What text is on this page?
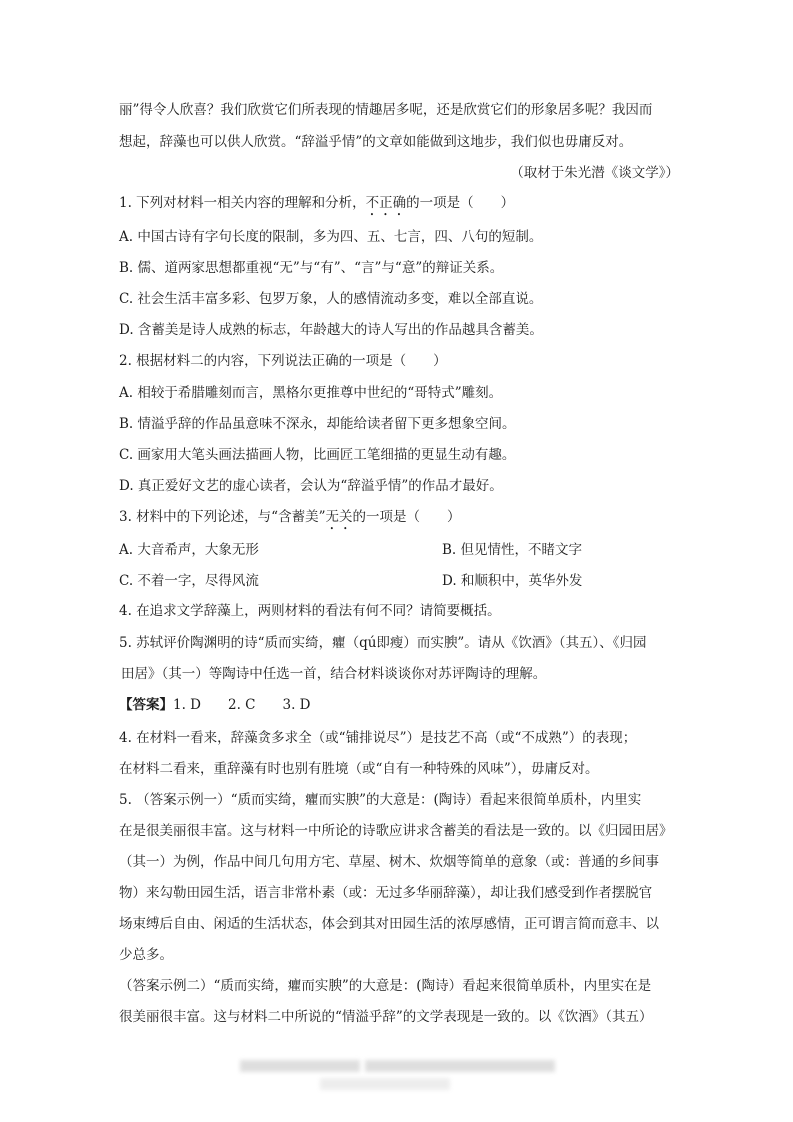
丽”得令人欣喜？我们欣赏它们所表现的情趣居多呢，还是欣赏它们的形象居多呢？我因而
想起，辞藻也可以供人欣赏。“辞溢乎情”的文章如能做到这地步，我们似也毋庸反对。
（取材于朱光潜《谈文学》）
1. 下列对材料一相关内容的理解和分析，不正确的一项是（　　）
A. 中国古诗有字句长度的限制，多为四、五、七言，四、八句的短制。
B. 儒、道两家思想都重视“无”与“有”、“言”与“意”的辩证关系。
C. 社会生活丰富多彩、包罗万象，人的感情流动多变，难以全部直说。
D. 含蓄美是诗人成熟的标志，年龄越大的诗人写出的作品越具含蓄美。
2. 根据材料二的内容，下列说法正确的一项是（　　）
A. 相较于希腊雕刻而言，黑格尔更推尊中世纪的“哥特式”雕刻。
B. 情溢乎辞的作品虽意味不深永，却能给读者留下更多想象空间。
C. 画家用大笔头画法描画人物，比画匠工笔细描的更显生动有趣。
D. 真正爱好文艺的虚心读者，会认为“辞溢乎情”的作品才最好。
3. 材料中的下列论述，与“含蓄美”无关的一项是（　　）
A. 大音希声，大象无形	B. 但见情性，不睹文字
C. 不着一字，尽得风流	D. 和顺积中，英华外发
4. 在追求文学辞藻上，两则材料的看法有何不同？请简要概括。
5. 苏轼评价陶渊明的诗“质而实绮，癯（qú即瘦）而实腴”。请从《饮酒》（其五）、《归园
田居》（其一）等陶诗中任选一首，结合材料谈谈你对苏评陶诗的理解。
【答案】1. D　　2. C　　3. D
4. 在材料一看来，辞藻贪多求全（或“铺排说尽”）是技艺不高（或“不成熟”）的表现；
在材料二看来，重辞藻有时也别有胜境（或“自有一种特殊的风味”），毋庸反对。
5. （答案示例一）“质而实绮，癯而实腴”的大意是：(陶诗）看起来很简单质朴，内里实
在是很美丽很丰富。这与材料一中所论的诗歌应讲求含蓄美的看法是一致的。以《归园田居》
（其一）为例，作品中间几句用方宅、草屋、树木、炊烟等简单的意象（或：普通的乡间事
物）来勾勒田园生活，语言非常朴素（或：无过多华丽辞藻），却让我们感受到作者摆脱官
场束缚后自由、闲适的生活状态，体会到其对田园生活的浓厚感情，正可谓言简而意丰、以
少总多。
（答案示例二）“质而实绮，癯而实腴”的大意是：(陶诗）看起来很简单质朴，内里实在是
很美丽很丰富。这与材料二中所说的“情溢乎辞”的文学表现是一致的。以《饮酒》（其五）
